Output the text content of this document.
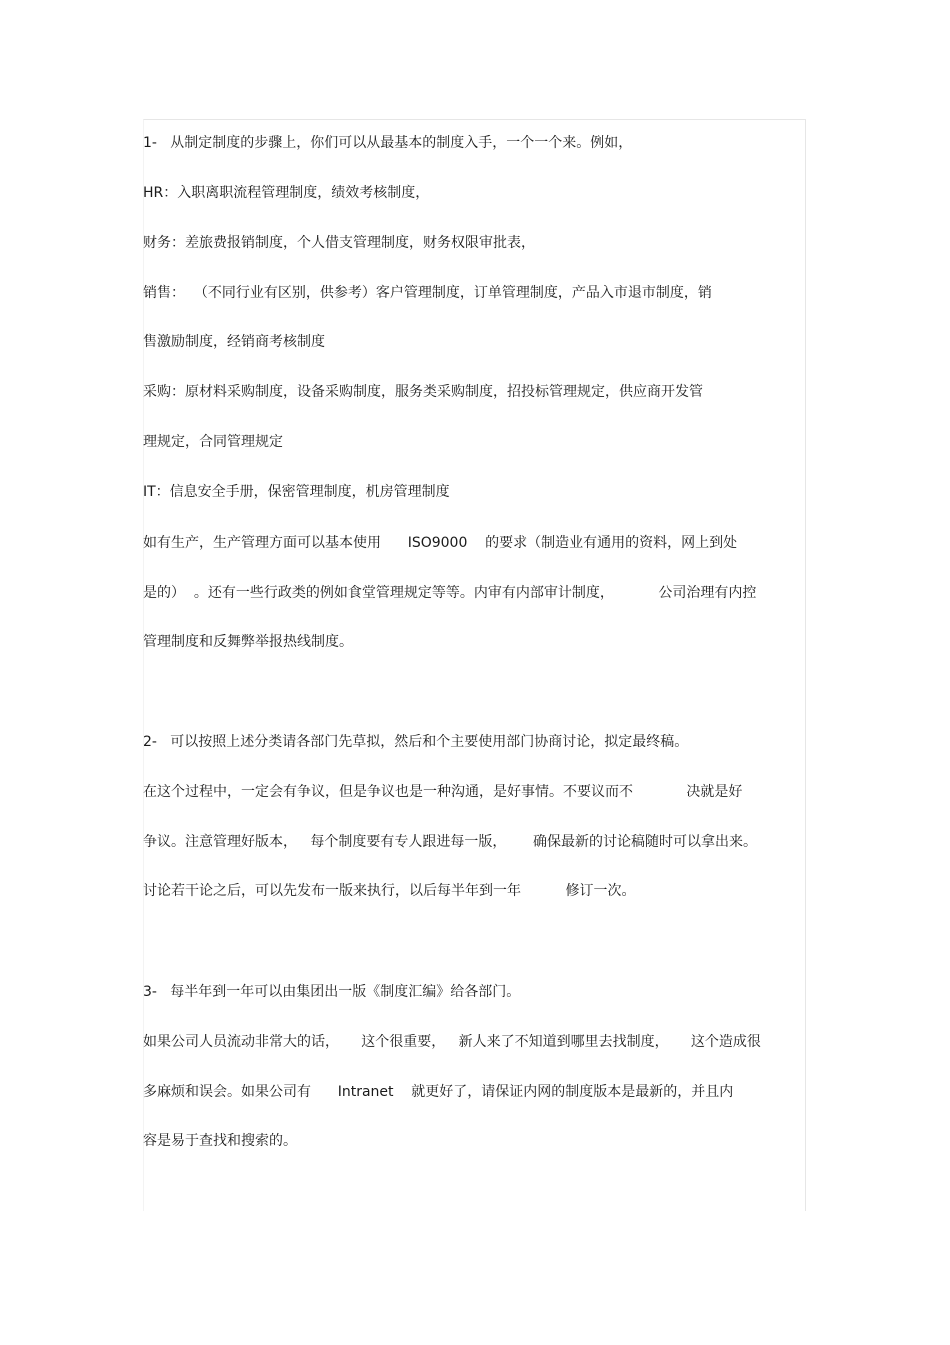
1-   从制定制度的步骤上，你们可以从最基本的制度入手，一个一个来。例如，

HR：入职离职流程管理制度，绩效考核制度，

财务：差旅费报销制度，个人借支管理制度，财务权限审批表，

销售：  （不同行业有区别，供参考）客户管理制度，订单管理制度，产品入市退市制度，销

售激励制度，经销商考核制度

采购：原材料采购制度，设备采购制度，服务类采购制度，招投标管理规定，供应商开发管

理规定，合同管理规定

IT：信息安全手册，保密管理制度，机房管理制度

如有生产，生产管理方面可以基本使用      ISO9000    的要求（制造业有通用的资料，网上到处

是的）  。还有一些行政类的例如食堂管理规定等等。内审有内部审计制度，          公司治理有内控

管理制度和反舞弊举报热线制度。

2-   可以按照上述分类请各部门先草拟，然后和个主要使用部门协商讨论，拟定最终稿。

在这个过程中，一定会有争议，但是争议也是一种沟通，是好事情。不要议而不            决就是好

争议。注意管理好版本，   每个制度要有专人跟进每一版，      确保最新的讨论稿随时可以拿出来。

讨论若干论之后，可以先发布一版来执行，以后每半年到一年          修订一次。

3-   每半年到一年可以由集团出一版《制度汇编》给各部门。

如果公司人员流动非常大的话，     这个很重要，   新人来了不知道到哪里去找制度，     这个造成很

多麻烦和误会。如果公司有      Intranet    就更好了，请保证内网的制度版本是最新的，并且内

容是易于查找和搜索的。
